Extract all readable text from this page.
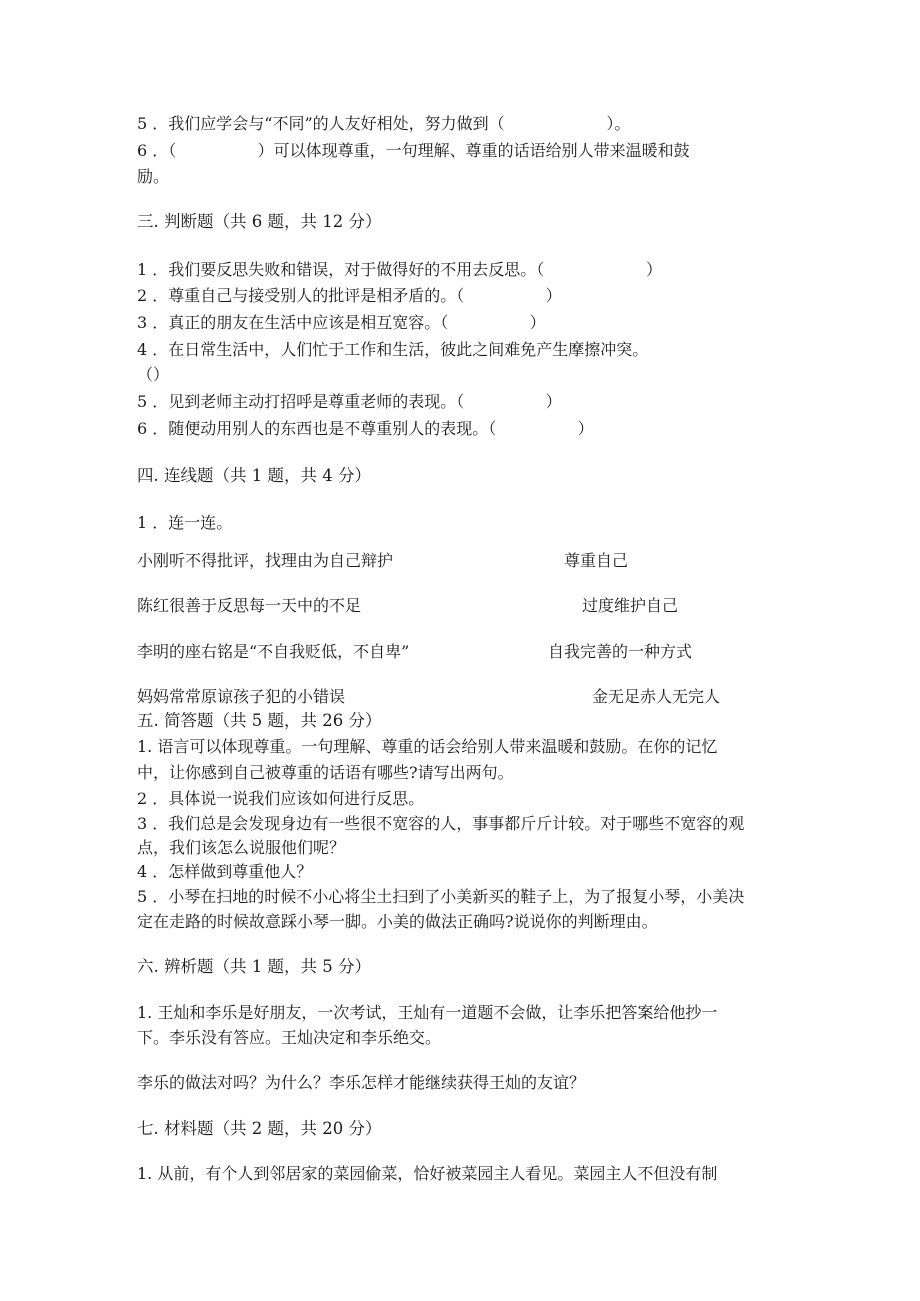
5 ．我们应学会与“不同”的人友好相处，努力做到（                    ）。
6 ．（                ）可以体现尊重，一句理解、尊重的话语给别人带来温暖和鼓
励。
三. 判断题（共 6 题，共 12 分）
1 ．我们要反思失败和错误，对于做得好的不用去反思。（                    ）
2 ．尊重自己与接受别人的批评是相矛盾的。（                ）
3 ．真正的朋友在生活中应该是相互宽容。（                ）
4 ．在日常生活中，人们忙于工作和生活，彼此之间难免产生摩擦冲突。
（）
5 ．见到老师主动打招呼是尊重老师的表现。（                ）
6 ．随便动用别人的东西也是不尊重别人的表现。（                ）
四. 连线题（共 1 题，共 4 分）
1 ．连一连。
小刚听不得批评，找理由为自己辩护	尊重自己
陈红很善于反思每一天中的不足	过度维护自己
李明的座右铭是“不自我贬低，不自卑”	自我完善的一种方式
妈妈常常原谅孩子犯的小错误	金无足赤人无完人
五. 简答题（共 5 题，共 26 分）
1. 语言可以体现尊重。一句理解、尊重的话会给别人带来温暖和鼓励。在你的记忆
中，让你感到自己被尊重的话语有哪些?请写出两句。
2 ．具体说一说我们应该如何进行反思。
3 ．我们总是会发现身边有一些很不宽容的人，事事都斤斤计较。对于哪些不宽容的观
点，我们该怎么说服他们呢？
4 ．怎样做到尊重他人？
5 ．小琴在扫地的时候不小心将尘土扫到了小美新买的鞋子上，为了报复小琴，小美决
定在走路的时候故意踩小琴一脚。小美的做法正确吗?说说你的判断理由。
六. 辨析题（共 1 题，共 5 分）
1. 王灿和李乐是好朋友，一次考试，王灿有一道题不会做，让李乐把答案给他抄一
下。李乐没有答应。王灿决定和李乐绝交。
李乐的做法对吗？为什么？李乐怎样才能继续获得王灿的友谊？
七. 材料题（共 2 题，共 20 分）
1. 从前，有个人到邻居家的菜园偷菜，恰好被菜园主人看见。菜园主人不但没有制
